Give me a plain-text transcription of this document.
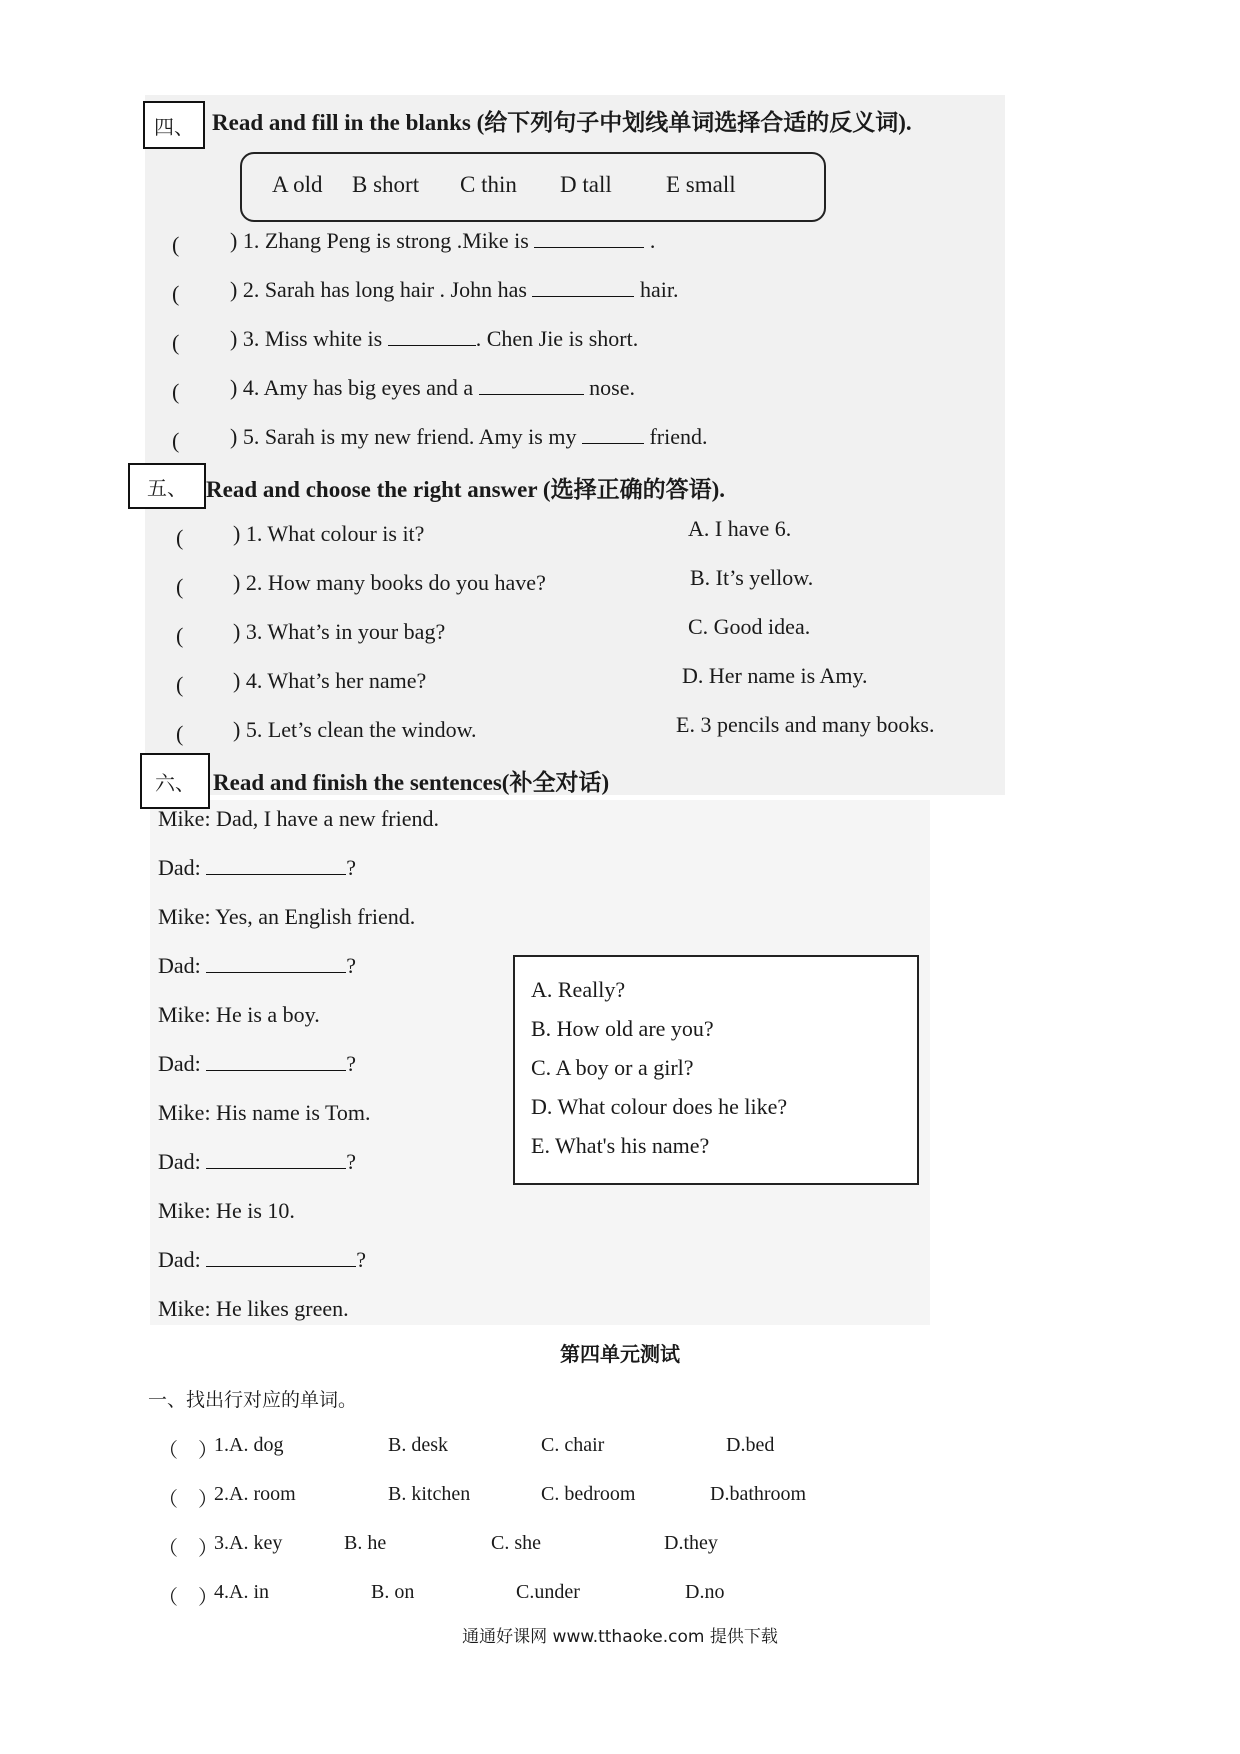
四、 Read and fill in the blanks (给下列句子中划线单词选择合适的反义词).
A old B short C thin D tall E small
( ) 1. Zhang Peng is strong .Mike is	.
( ) 2. Sarah has long hair . John has	hair.
( ) 3. Miss white is	. Chen Jie is short.
( ) 4. Amy has big eyes and a	nose.
( ) 5. Sarah is my new friend. Amy is my	friend.
五、 Read and choose the right answer (选择正确的答语).
( ) 1. What colour is it?
( ) 2. How many books do you have?
( ) 3. What’s in your bag?
( ) 4. What’s her name?
( ) 5. Let’s clean the window.
A. I have 6.
B. It’s yellow.
C. Good idea.
D. Her name is Amy.
E. 3 pencils and many books.
六、 Read and finish the sentences(补全对话)
Mike: Dad, I have a new friend.
Dad:	?
Mike: Yes, an English friend.
Dad:	?
Mike: He is a boy.
Dad:	?
Mike: His name is Tom.
Dad:	?
Mike: He is 10.
Dad:	?
Mike: He likes green.
A. Really?
B. How old are you?
C. A boy or a girl?
D. What colour does he like?
E. What's his name?
第四单元测试
一、找出行对应的单词。
（　）
1.A. dog	B. desk	C. chair	D.bed
（　）
2.A. room	B. kitchen	C. bedroom	D.bathroom
（　）
3.A. key	B. he	C. she	D.they
（　）
4.A. in	B. on	C.under	D.no
通通好课网 www.tthaoke.com 提供下载
